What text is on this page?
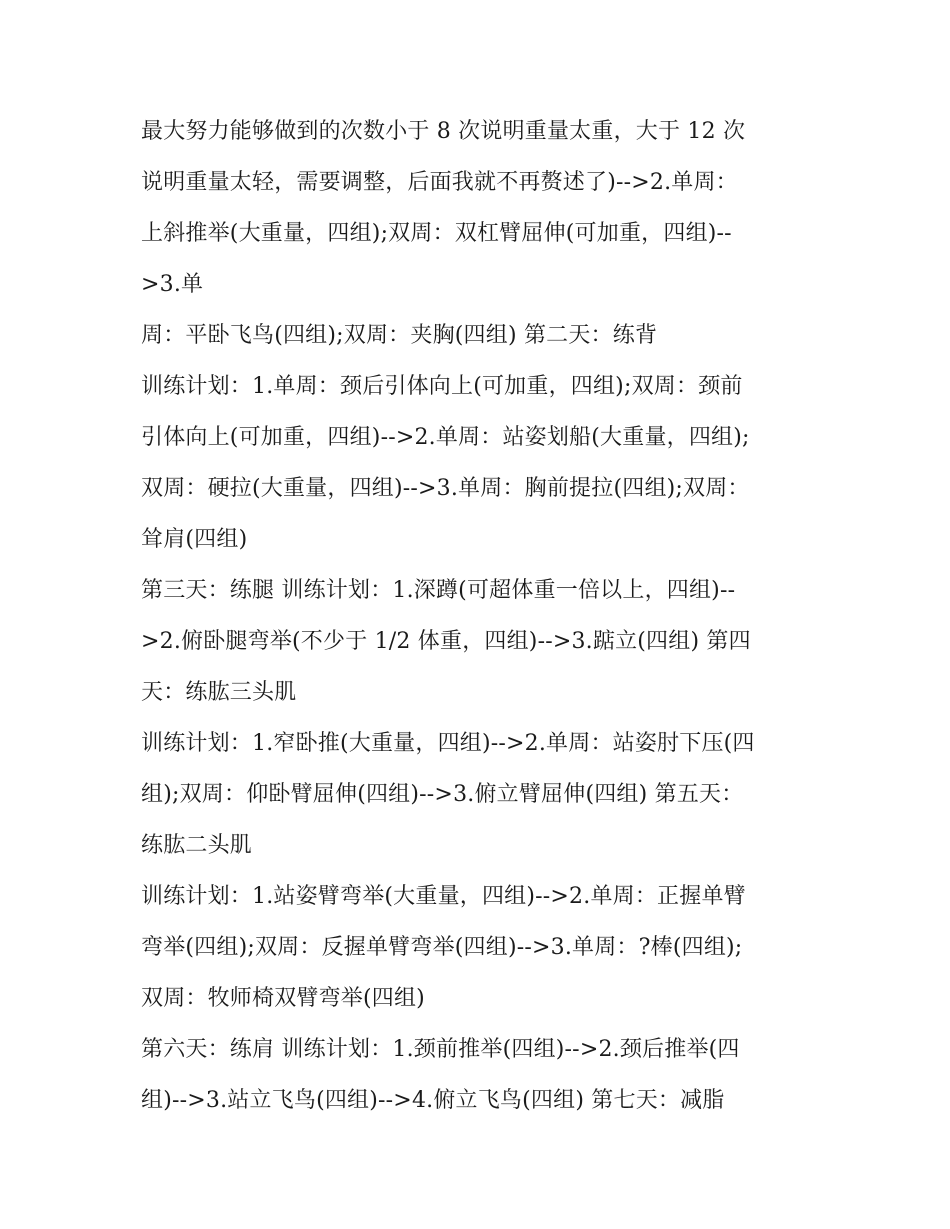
最大努力能够做到的次数小于 8 次说明重量太重，大于 12 次
说明重量太轻，需要调整，后面我就不再赘述了)-->2.单周：
上斜推举(大重量，四组);双周：双杠臂屈伸(可加重，四组)--
>3.单
周：平卧飞鸟(四组);双周：夹胸(四组) 第二天：练背
训练计划：1.单周：颈后引体向上(可加重，四组);双周：颈前
引体向上(可加重，四组)-->2.单周：站姿划船(大重量，四组);
双周：硬拉(大重量，四组)-->3.单周：胸前提拉(四组);双周：
耸肩(四组)
第三天：练腿 训练计划：1.深蹲(可超体重一倍以上，四组)--
>2.俯卧腿弯举(不少于 1/2 体重，四组)-->3.踮立(四组) 第四
天：练肱三头肌
训练计划：1.窄卧推(大重量，四组)-->2.单周：站姿肘下压(四
组);双周：仰卧臂屈伸(四组)-->3.俯立臂屈伸(四组) 第五天：
练肱二头肌
训练计划：1.站姿臂弯举(大重量，四组)-->2.单周：正握单臂
弯举(四组);双周：反握单臂弯举(四组)-->3.单周：?棒(四组);
双周：牧师椅双臂弯举(四组)
第六天：练肩 训练计划：1.颈前推举(四组)-->2.颈后推举(四
组)-->3.站立飞鸟(四组)-->4.俯立飞鸟(四组) 第七天：减脂
